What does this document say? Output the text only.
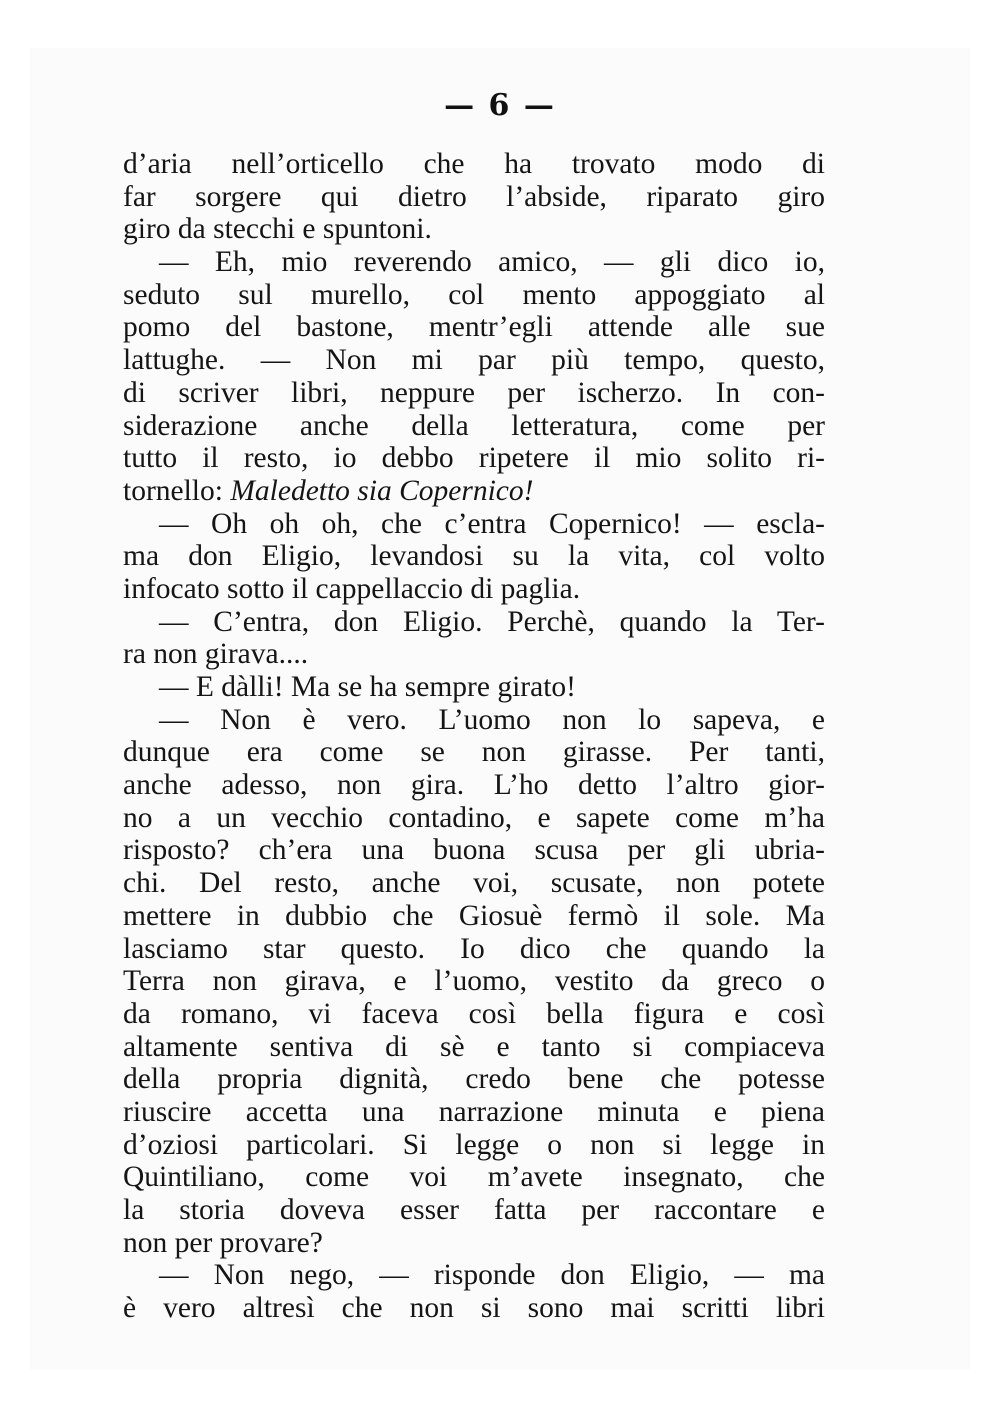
— 6 —
d’aria nell’orticello che ha trovato modo di
far sorgere qui dietro l’abside, riparato giro
giro da stecchi e spuntoni.
— Eh, mio reverendo amico, — gli dico io,
seduto sul murello, col mento appoggiato al
pomo del bastone, mentr’egli attende alle sue
lattughe. — Non mi par più tempo, questo,
di scriver libri, neppure per ischerzo. In con-
siderazione anche della letteratura, come per
tutto il resto, io debbo ripetere il mio solito ri-
tornello: Maledetto sia Copernico!
— Oh oh oh, che c’entra Copernico! — escla-
ma don Eligio, levandosi su la vita, col volto
infocato sotto il cappellaccio di paglia.
— C’entra, don Eligio. Perchè, quando la Ter-
ra non girava....
— E dàlli! Ma se ha sempre girato!
— Non è vero. L’uomo non lo sapeva, e
dunque era come se non girasse. Per tanti,
anche adesso, non gira. L’ho detto l’altro gior-
no a un vecchio contadino, e sapete come m’ha
risposto? ch’era una buona scusa per gli ubria-
chi. Del resto, anche voi, scusate, non potete
mettere in dubbio che Giosuè fermò il sole. Ma
lasciamo star questo. Io dico che quando la
Terra non girava, e l’uomo, vestito da greco o
da romano, vi faceva così bella figura e così
altamente sentiva di sè e tanto si compiaceva
della propria dignità, credo bene che potesse
riuscire accetta una narrazione minuta e piena
d’oziosi particolari. Si legge o non si legge in
Quintiliano, come voi m’avete insegnato, che
la storia doveva esser fatta per raccontare e
non per provare?
— Non nego, — risponde don Eligio, — ma
è vero altresì che non si sono mai scritti libri
